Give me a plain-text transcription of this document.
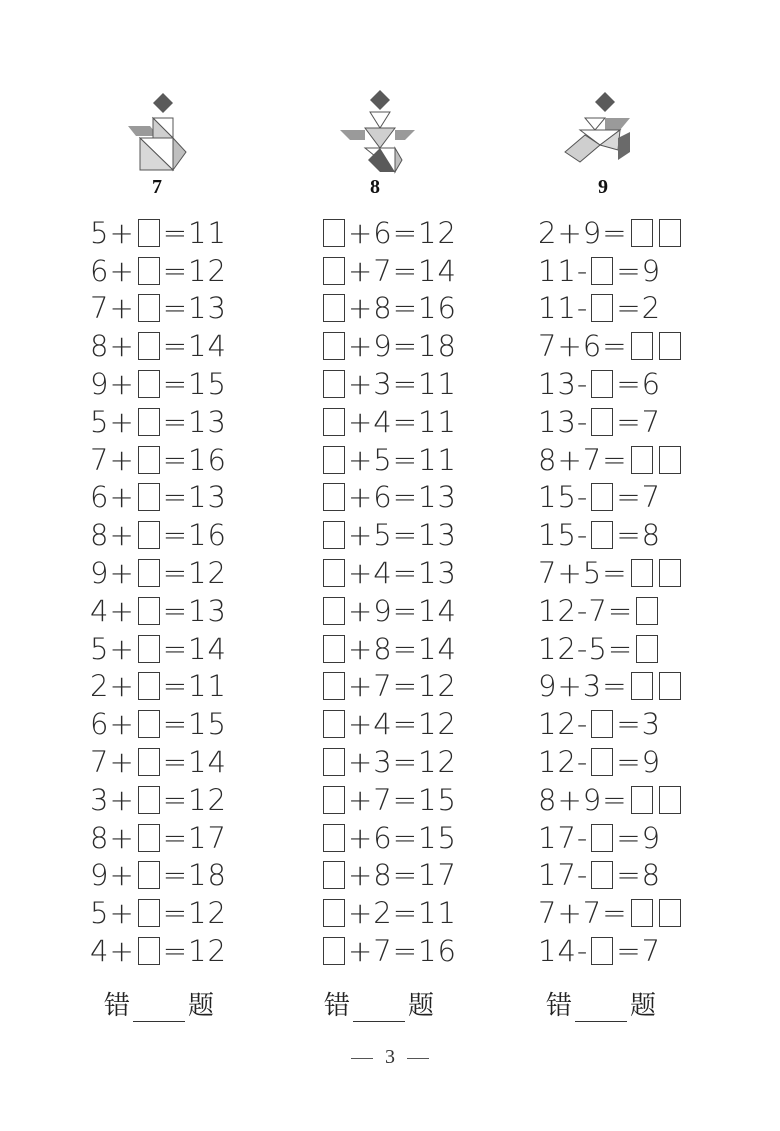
7
5+ =11
6+ =12
7+ =13
8+ =14
9+ =15
5+ =13
7+ =16
6+ =13
8+ =16
9+ =12
4+ =13
5+ =14
2+ =11
6+ =15
7+ =14
3+ =12
8+ =17
9+ =18
5+ =12
4+ =12
错 题
8
+6=12
+7=14
+8=16
+9=18
+3=11
+4=11
+5=11
+6=13
+5=13
+4=13
+9=14
+8=14
+7=12
+4=12
+3=12
+7=15
+6=15
+8=17
+2=11
+7=16
错 题
9
2+9=
11- =9
11- =2
7+6=
13- =6
13- =7
8+7=
15- =7
15- =8
7+5=
12-7=
12-5=
9+3=
12- =3
12- =9
8+9=
17- =9
17- =8
7+7=
14- =7
错 题
3
